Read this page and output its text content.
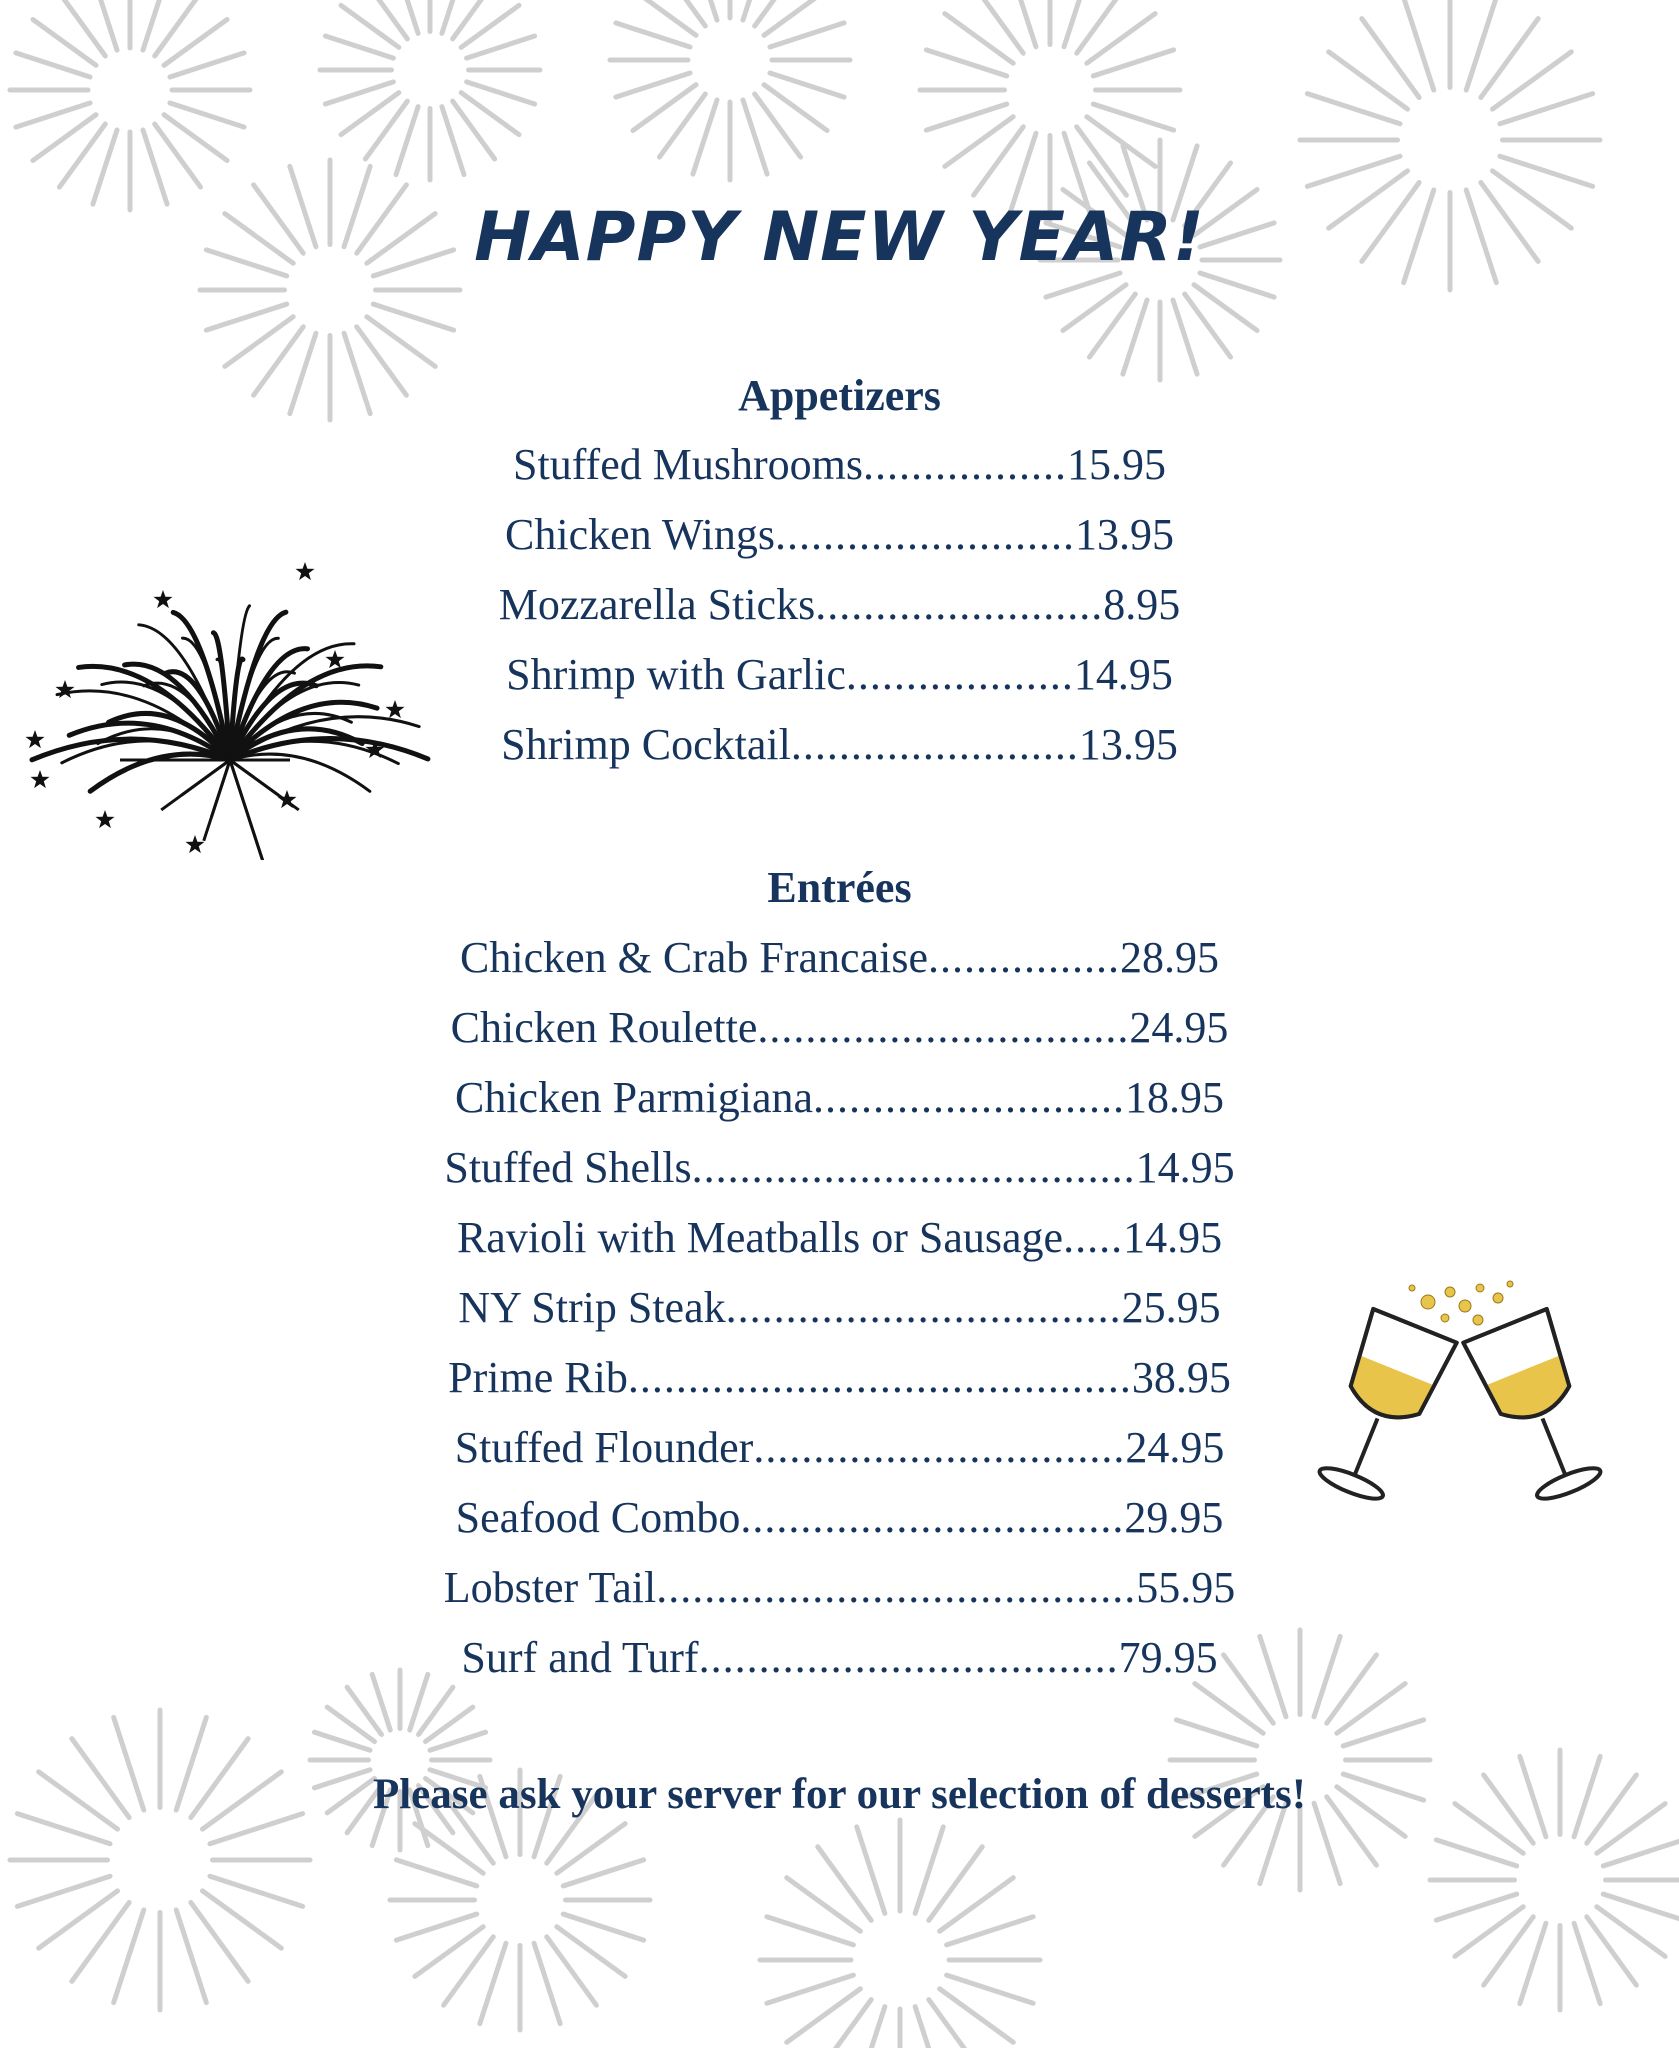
HAPPY NEW YEAR!
Appetizers
Stuffed Mushrooms ................. 15.95
Chicken Wings ......................... 13.95
Mozzarella Sticks ........................ 8.95
Shrimp with Garlic ................... 14.95
Shrimp Cocktail ........................ 13.95
Entrées
Chicken & Crab Francaise ................ 28.95
Chicken Roulette ............................... 24.95
Chicken Parmigiana .......................... 18.95
Stuffed Shells ..................................... 14.95
Ravioli with Meatballs or Sausage ..... 14.95
NY Strip Steak ................................. 25.95
Prime Rib .......................................... 38.95
Stuffed Flounder ............................... 24.95
Seafood Combo ................................ 29.95
Lobster Tail ........................................ 55.95
Surf and Turf ................................... 79.95
Please ask your server for our selection of desserts!
